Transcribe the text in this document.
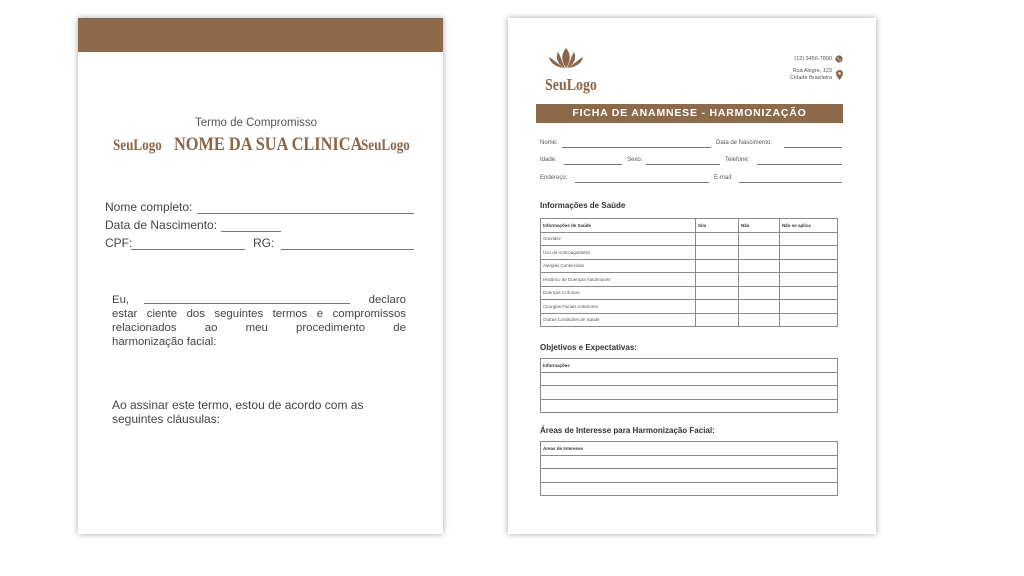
Termo de Compromisso
SeuLogo NOME DA SUA CLINICA
SeuLogo
Nome completo:
Data de Nascimento:
CPF:	RG:
Eu,	declaro
estar ciente dos seguintes termos e compromissos
relacionados ao meu procedimento de
harmonização facial:
Ao assinar este termo, estou de acordo com as
seguintes cláusulas:
SeuLogo
(12) 3456-7890
Rua Alegre, 123
Cidade Brasileira
FICHA DE ANAMNESE - HARMONIZAÇÃO
Nome:	Data de Nascimento:
Idade:	Sexo:	Telefone:
Endereço:	E-mail:
Informações de Saúde
Informações de Saúde	Sim	Não	Não se aplica
Gravidez			
Uso de Anticoagulantes			
Alergias Conhecidas			
Histórico de Doenças Autoimunes			
Doenças Crônicas			
Cirurgias Faciais Anteriores			
Outras Condições de Saúde			
Objetivos e Expectativas:
Informações

Áreas de Interesse para Harmonização Facial:
Áreas de Interesse
